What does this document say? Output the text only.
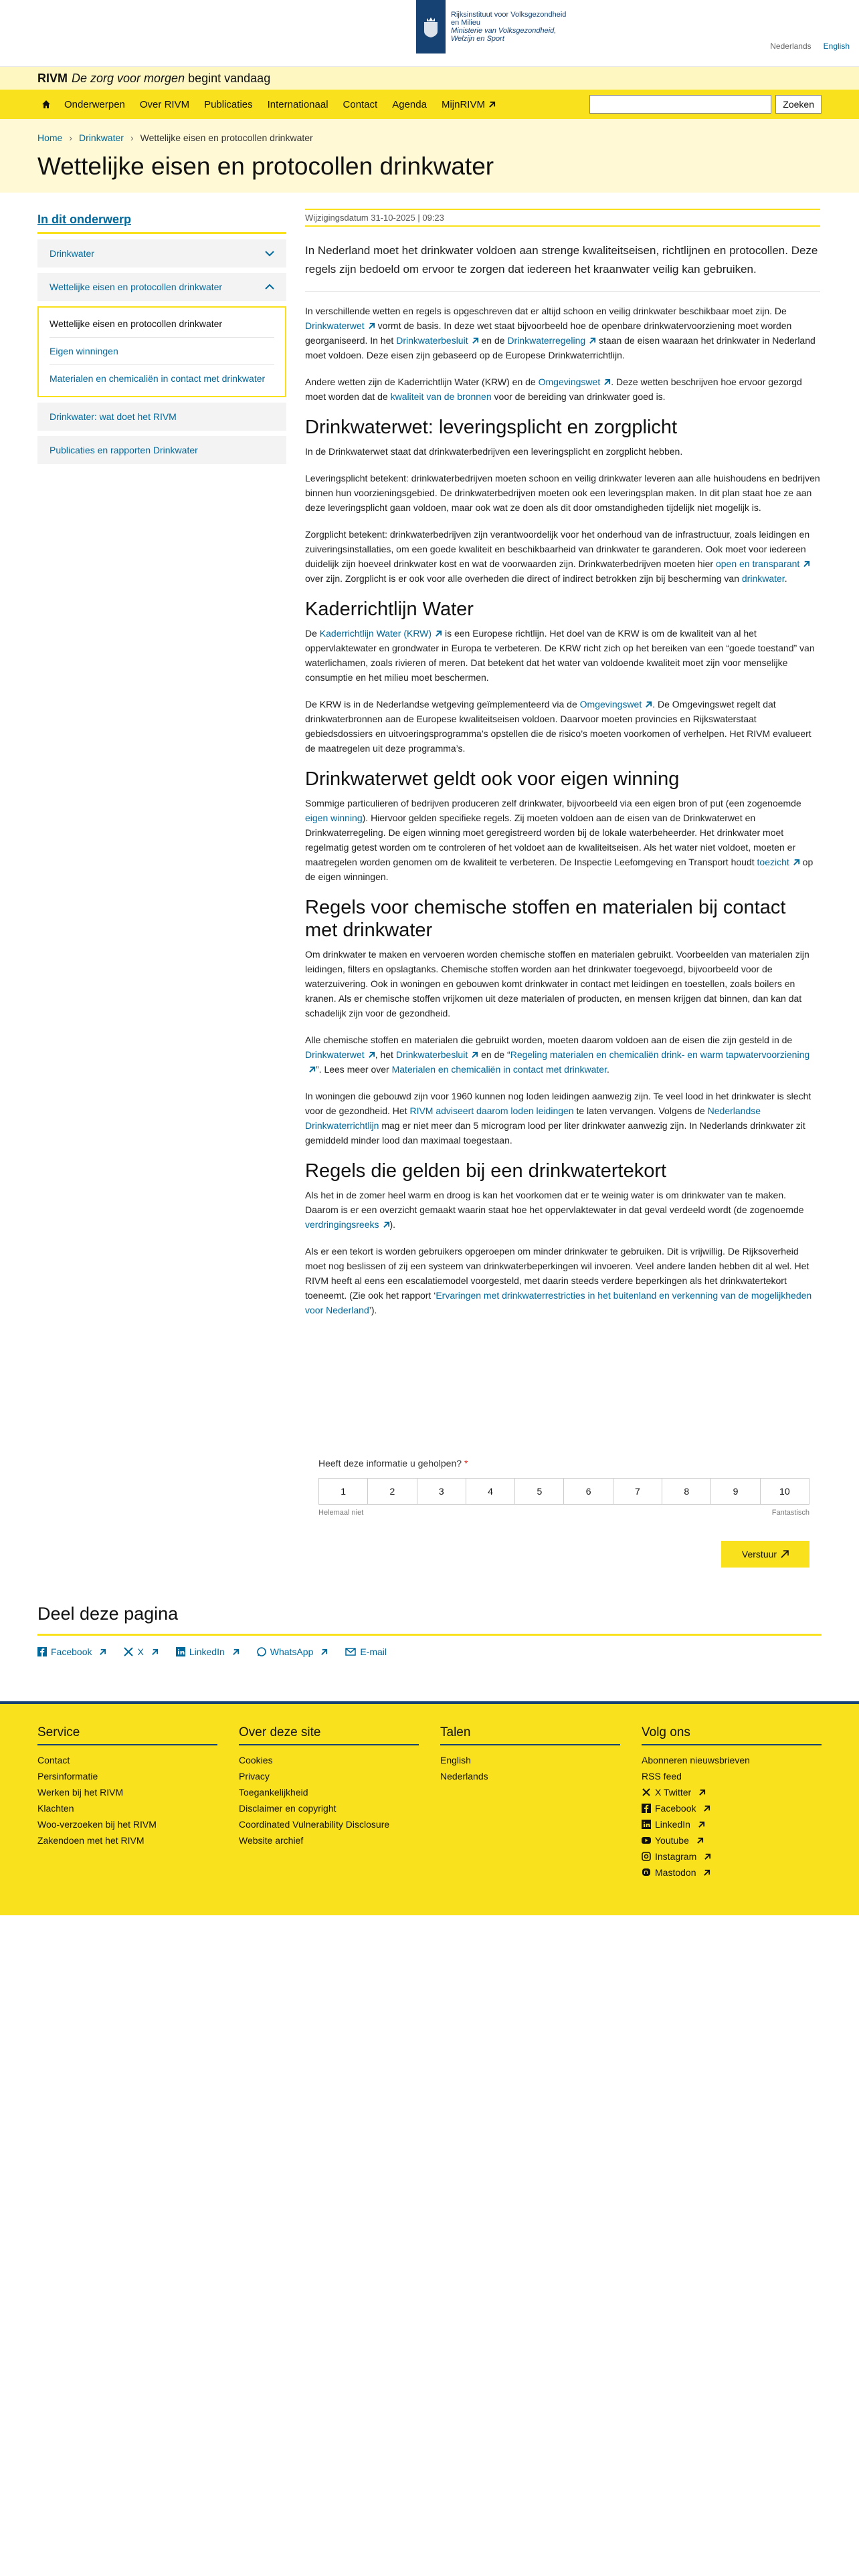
Rijksinstituut voor Volksgezondheid
en Milieu
Ministerie van Volksgezondheid,
Welzijn en Sport
Nederlands English
RIVM De zorg voor morgen
begint vandaag
Onderwerpen Over RIVM Publicaties Internationaal Contact Agenda MijnRIVM	Zoeken
Home › Drinkwater › Wettelijke eisen en protocollen drinkwater
Wettelijke eisen en protocollen drinkwater
In dit onderwerp
Drinkwater
Wettelijke eisen en protocollen drinkwater
Wettelijke eisen en protocollen drinkwater
Eigen winningen
Materialen en chemicaliën in contact met drinkwater
Drinkwater: wat doet het RIVM
Publicaties en rapporten Drinkwater
Wijzigingsdatum 31-10-2025 | 09:23
In Nederland moet het drinkwater voldoen aan strenge kwaliteitseisen, richtlijnen en protocollen. Deze regels zijn bedoeld om ervoor te zorgen dat iedereen het kraanwater veilig kan gebruiken.

In verschillende wetten en regels is opgeschreven dat er altijd schoon en veilig drinkwater beschikbaar moet zijn. De Drinkwaterwet vormt de basis. In deze wet staat bijvoorbeeld hoe de openbare drinkwatervoorziening moet worden georganiseerd. In het Drinkwaterbesluit en de Drinkwaterregeling staan de eisen waaraan het drinkwater in Nederland moet voldoen. Deze eisen zijn gebaseerd op de Europese Drinkwaterrichtlijn.

Andere wetten zijn de Kaderrichtlijn Water (KRW) en de Omgevingswet . Deze wetten beschrijven hoe ervoor gezorgd moet worden dat de kwaliteit van de bronnen voor de bereiding van drinkwater goed is.

Drinkwaterwet: leveringsplicht en zorgplicht

In de Drinkwaterwet staat dat drinkwaterbedrijven een leveringsplicht en zorgplicht hebben.

Leveringsplicht betekent: drinkwaterbedrijven moeten schoon en veilig drinkwater leveren aan alle huishoudens en bedrijven binnen hun voorzieningsgebied. De drinkwaterbedrijven moeten ook een leveringsplan maken. In dit plan staat hoe ze aan deze leveringsplicht gaan voldoen, maar ook wat ze doen als dit door omstandigheden tijdelijk niet mogelijk is.

Zorgplicht betekent: drinkwaterbedrijven zijn verantwoordelijk voor het onderhoud van de infrastructuur, zoals leidingen en zuiveringsinstallaties, om een goede kwaliteit en beschikbaarheid van drinkwater te garanderen. Ook moet voor iedereen duidelijk zijn hoeveel drinkwater kost en wat de voorwaarden zijn. Drinkwaterbedrijven moeten hier open en transparant over zijn. Zorgplicht is er ook voor alle overheden die direct of indirect betrokken zijn bij bescherming van drinkwater.

Kaderrichtlijn Water

De Kaderrichtlijn Water (KRW) is een Europese richtlijn. Het doel van de KRW is om de kwaliteit van al het oppervlaktewater en grondwater in Europa te verbeteren. De KRW richt zich op het bereiken van een “goede toestand” van waterlichamen, zoals rivieren of meren. Dat betekent dat het water van voldoende kwaliteit moet zijn voor menselijke consumptie en het milieu moet beschermen.

De KRW is in de Nederlandse wetgeving geïmplementeerd via de Omgevingswet . De Omgevingswet regelt dat drinkwaterbronnen aan de Europese kwaliteitseisen voldoen. Daarvoor moeten provincies en Rijkswaterstaat gebiedsdossiers en uitvoeringsprogramma’s opstellen die de risico’s moeten voorkomen of verhelpen. Het RIVM evalueert de maatregelen uit deze programma’s.

Drinkwaterwet geldt ook voor eigen winning

Sommige particulieren of bedrijven produceren zelf drinkwater, bijvoorbeeld via een eigen bron of put (een zogenoemde eigen winning). Hiervoor gelden specifieke regels. Zij moeten voldoen aan de eisen van de Drinkwaterwet en Drinkwaterregeling. De eigen winning moet geregistreerd worden bij de lokale waterbeheerder. Het drinkwater moet regelmatig getest worden om te controleren of het voldoet aan de kwaliteitseisen. Als het water niet voldoet, moeten er maatregelen worden genomen om de kwaliteit te verbeteren. De Inspectie Leefomgeving en Transport houdt toezicht op de eigen winningen.

Regels voor chemische stoffen en materialen bij contact met drinkwater

Om drinkwater te maken en vervoeren worden chemische stoffen en materialen gebruikt. Voorbeelden van materialen zijn leidingen, filters en opslagtanks. Chemische stoffen worden aan het drinkwater toegevoegd, bijvoorbeeld voor de waterzuivering. Ook in woningen en gebouwen komt drinkwater in contact met leidingen en toestellen, zoals boilers en kranen. Als er chemische stoffen vrijkomen uit deze materialen of producten, en mensen krijgen dat binnen, dan kan dat schadelijk zijn voor de gezondheid.

Alle chemische stoffen en materialen die gebruikt worden, moeten daarom voldoen aan de eisen die zijn gesteld in de Drinkwaterwet , het Drinkwaterbesluit en de “Regeling materialen en chemicaliën drink- en warm tapwatervoorziening”. Lees meer over Materialen en chemicaliën in contact met drinkwater.

In woningen die gebouwd zijn voor 1960 kunnen nog loden leidingen aanwezig zijn. Te veel lood in het drinkwater is slecht voor de gezondheid. Het RIVM adviseert daarom loden leidingen te laten vervangen. Volgens de Nederlandse Drinkwaterrichtlijn mag er niet meer dan 5 microgram lood per liter drinkwater aanwezig zijn. In Nederlands drinkwater zit gemiddeld minder lood dan maximaal toegestaan.

Regels die gelden bij een drinkwatertekort

Als het in de zomer heel warm en droog is kan het voorkomen dat er te weinig water is om drinkwater van te maken. Daarom is er een overzicht gemaakt waarin staat hoe het oppervlaktewater in dat geval verdeeld wordt (de zogenoemde verdringingsreeks ).

Als er een tekort is worden gebruikers opgeroepen om minder drinkwater te gebruiken. Dit is vrijwillig. De Rijksoverheid moet nog beslissen of zij een systeem van drinkwaterbeperkingen wil invoeren. Veel andere landen hebben dit al wel. Het RIVM heeft al eens een escalatiemodel voorgesteld, met daarin steeds verdere beperkingen als het drinkwatertekort toeneemt. (Zie ook het rapport ‘Ervaringen met drinkwaterrestricties in het buitenland en verkenning van de mogelijkheden voor Nederland’).

Heeft deze informatie u geholpen? *
1	2	3	4	5	6	7	8	9	10
Helemaal niet	Fantastisch
Verstuur
Deel deze pagina
Facebook	X	LinkedIn	WhatsApp	E-mail
Service
Contact
Persinformatie
Werken bij het RIVM
Klachten
Woo-verzoeken bij het RIVM
Zakendoen met het RIVM
Over deze site
Cookies
Privacy
Toegankelijkheid
Disclaimer en copyright
Coordinated Vulnerability Disclosure
Website archief
Talen
English
Nederlands
Volg ons
Abonneren nieuwsbrieven
RSS feed
X Twitter
Facebook
LinkedIn
Youtube
Instagram
Mastodon
